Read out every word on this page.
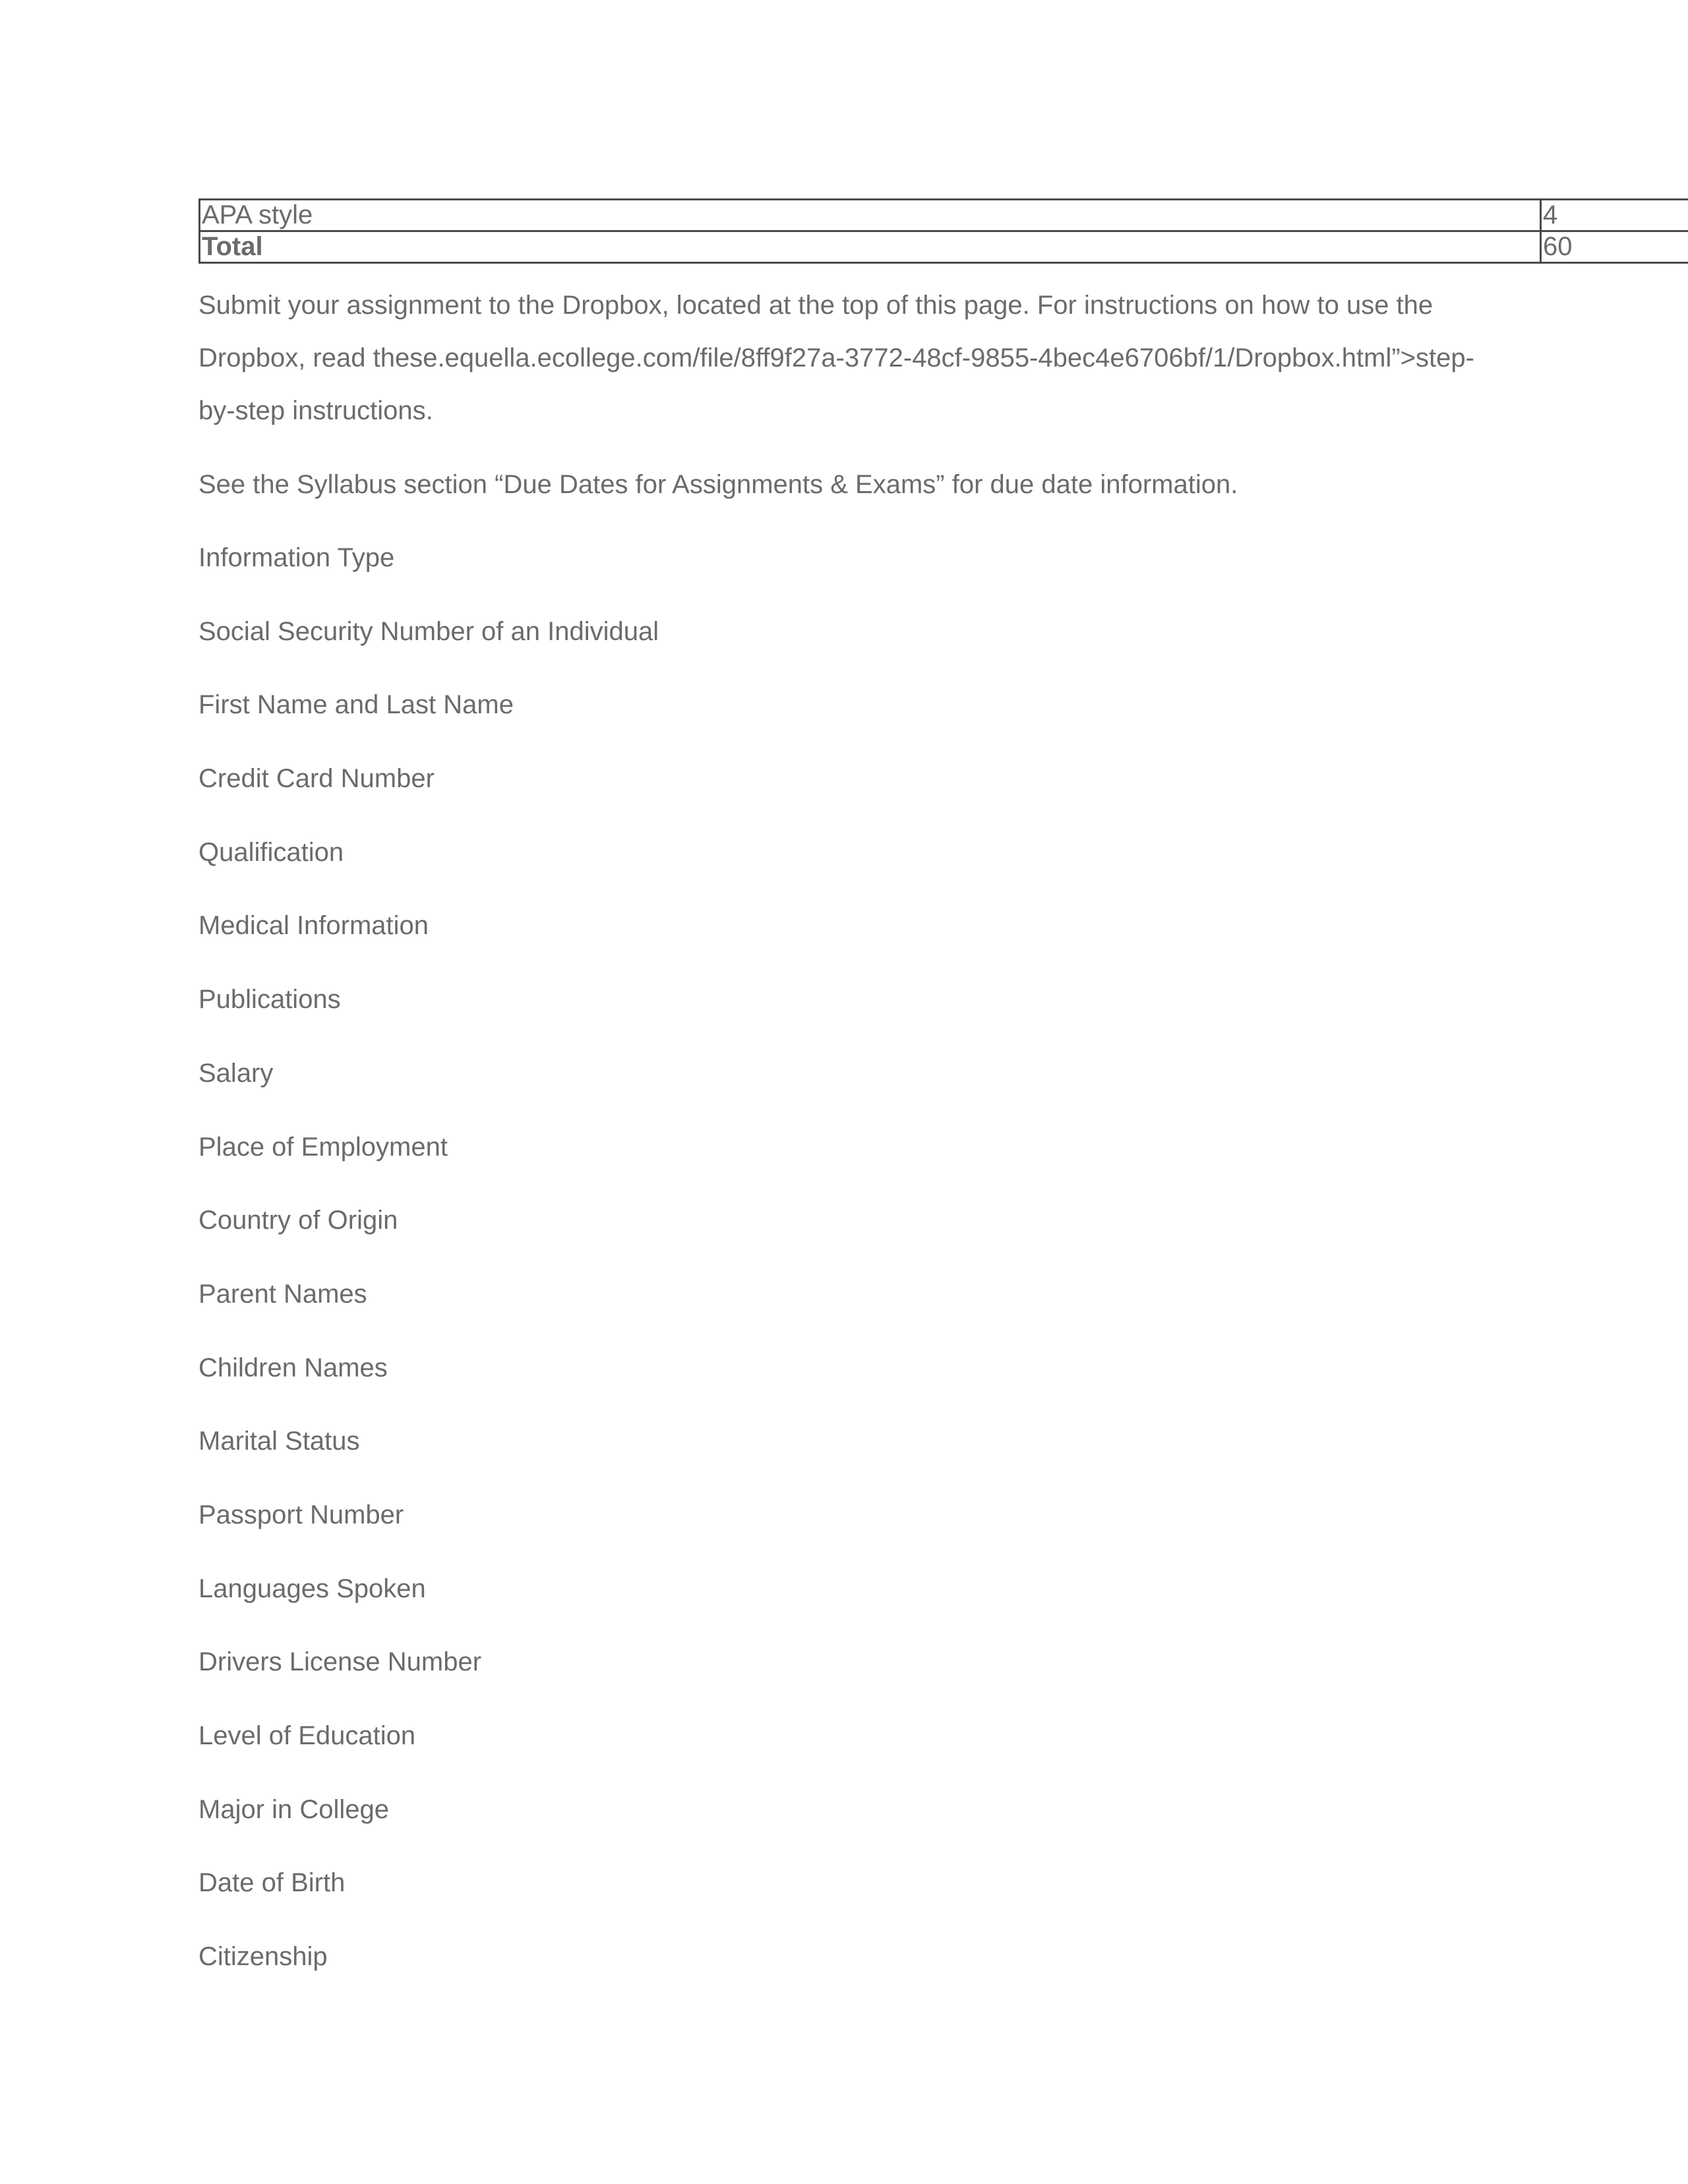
APA style	4
Total	60

Submit your assignment to the Dropbox, located at the top of this page. For instructions on how to use the Dropbox, read these.equella.ecollege.com/file/8ff9f27a-3772-48cf-9855-4bec4e6706bf/1/Dropbox.html”>step-by-step instructions.

See the Syllabus section “Due Dates for Assignments & Exams” for due date information.

Information Type
Social Security Number of an Individual
First Name and Last Name
Credit Card Number
Qualification
Medical Information
Publications
Salary
Place of Employment
Country of Origin
Parent Names
Children Names
Marital Status
Passport Number
Languages Spoken
Drivers License Number
Level of Education
Major in College
Date of Birth
Citizenship
